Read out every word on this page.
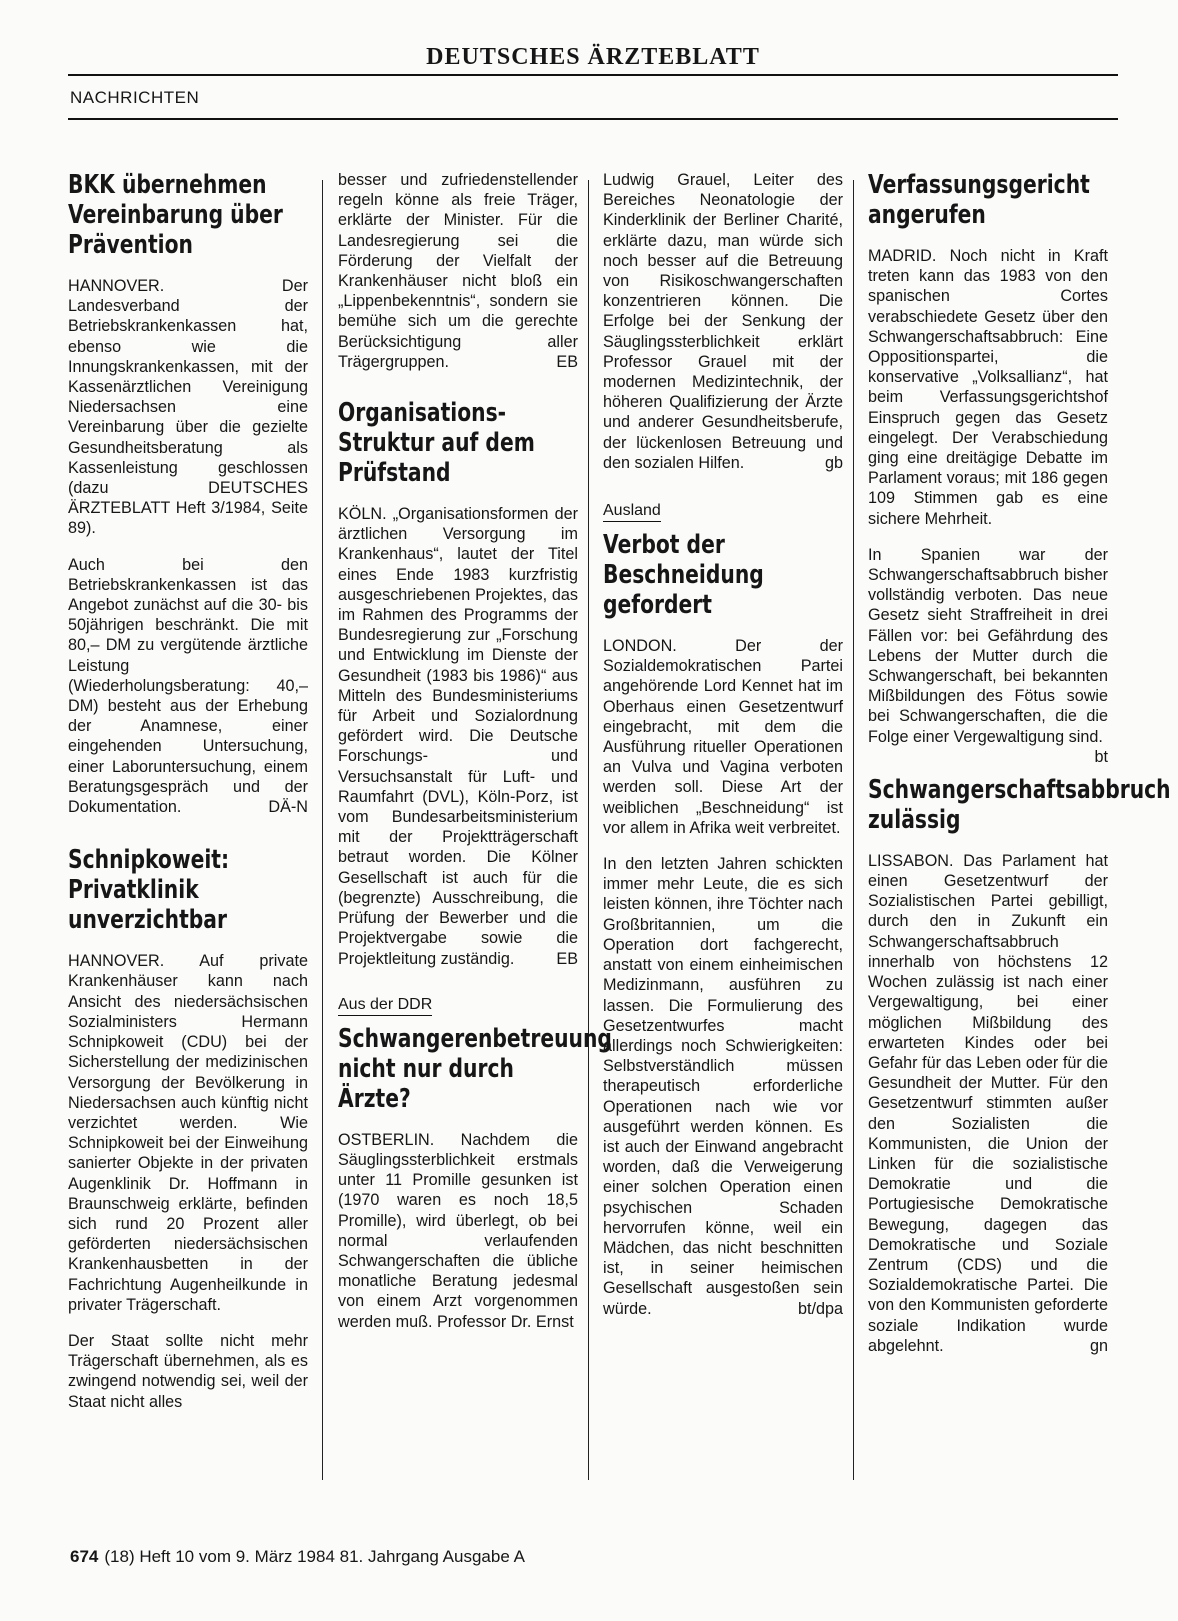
DEUTSCHES ÄRZTEBLATT
NACHRICHTEN
BKK übernehmen Vereinbarung über Prävention

HANNOVER. Der Landesverband der Betriebskrankenkassen hat, ebenso wie die Innungskrankenkassen, mit der Kassenärztlichen Vereinigung Niedersachsen eine Vereinbarung über die gezielte Gesundheitsberatung als Kassenleistung geschlossen (dazu DEUTSCHES ÄRZTEBLATT Heft 3/1984, Seite 89).

Auch bei den Betriebskrankenkassen ist das Angebot zunächst auf die 30- bis 50jährigen beschränkt. Die mit 80,– DM zu vergütende ärztliche Leistung (Wiederholungsberatung: 40,– DM) besteht aus der Erhebung der Anamnese, einer eingehenden Untersuchung, einer Laboruntersuchung, einem Beratungsgespräch und der Dokumentation.	DÄ-N

Schnipkoweit: Privatklinik unverzichtbar

HANNOVER. Auf private Krankenhäuser kann nach Ansicht des niedersächsischen Sozialministers Hermann Schnipkoweit (CDU) bei der Sicherstellung der medizinischen Versorgung der Bevölkerung in Niedersachsen auch künftig nicht verzichtet werden. Wie Schnipkoweit bei der Einweihung sanierter Objekte in der privaten Augenklinik Dr. Hoffmann in Braunschweig erklärte, befinden sich rund 20 Prozent aller geförderten niedersächsischen Krankenhausbetten in der Fachrichtung Augenheilkunde in privater Trägerschaft.

Der Staat sollte nicht mehr Trägerschaft übernehmen, als es zwingend notwendig sei, weil der Staat nicht alles

besser und zufriedenstellender regeln könne als freie Träger, erklärte der Minister. Für die Landesregierung sei die Förderung der Vielfalt der Krankenhäuser nicht bloß ein „Lippenbekenntnis“, sondern sie bemühe sich um die gerechte Berücksichtigung aller Trägergruppen.	EB

Organisations-Struktur auf dem Prüfstand

KÖLN. „Organisationsformen der ärztlichen Versorgung im Krankenhaus“, lautet der Titel eines Ende 1983 kurzfristig ausgeschriebenen Projektes, das im Rahmen des Programms der Bundesregierung zur „Forschung und Entwicklung im Dienste der Gesundheit (1983 bis 1986)“ aus Mitteln des Bundesministeriums für Arbeit und Sozialordnung gefördert wird. Die Deutsche Forschungs- und Versuchsanstalt für Luft- und Raumfahrt (DVL), Köln-Porz, ist vom Bundesarbeitsministerium mit der Projektträgerschaft betraut worden. Die Kölner Gesellschaft ist auch für die (begrenzte) Ausschreibung, die Prüfung der Bewerber und die Projektvergabe sowie die Projektleitung zuständig.	EB

Aus der DDR
Schwangerenbetreuung nicht nur durch Ärzte?

OSTBERLIN. Nachdem die Säuglingssterblichkeit erstmals unter 11 Promille gesunken ist (1970 waren es noch 18,5 Promille), wird überlegt, ob bei normal verlaufenden Schwangerschaften die übliche monatliche Beratung jedesmal von einem Arzt vorgenommen werden muß. Professor Dr. Ernst

Ludwig Grauel, Leiter des Bereiches Neonatologie der Kinderklinik der Berliner Charité, erklärte dazu, man würde sich noch besser auf die Betreuung von Risikoschwangerschaften konzentrieren können. Die Erfolge bei der Senkung der Säuglingssterblichkeit erklärt Professor Grauel mit der modernen Medizintechnik, der höheren Qualifizierung der Ärzte und anderer Gesundheitsberufe, der lückenlosen Betreuung und den sozialen Hilfen.	gb

Ausland
Verbot der Beschneidung gefordert

LONDON. Der der Sozialdemokratischen Partei angehörende Lord Kennet hat im Oberhaus einen Gesetzentwurf eingebracht, mit dem die Ausführung ritueller Operationen an Vulva und Vagina verboten werden soll. Diese Art der weiblichen „Beschneidung“ ist vor allem in Afrika weit verbreitet.

In den letzten Jahren schickten immer mehr Leute, die es sich leisten können, ihre Töchter nach Großbritannien, um die Operation dort fachgerecht, anstatt von einem einheimischen Medizinmann, ausführen zu lassen. Die Formulierung des Gesetzentwurfes macht allerdings noch Schwierigkeiten: Selbstverständlich müssen therapeutisch erforderliche Operationen nach wie vor ausgeführt werden können. Es ist auch der Einwand angebracht worden, daß die Verweigerung einer solchen Operation einen psychischen Schaden hervorrufen könne, weil ein Mädchen, das nicht beschnitten ist, in seiner heimischen Gesellschaft ausgestoßen sein würde.	bt/dpa

Verfassungsgericht angerufen

MADRID. Noch nicht in Kraft treten kann das 1983 von den spanischen Cortes verabschiedete Gesetz über den Schwangerschaftsabbruch: Eine Oppositionspartei, die konservative „Volksallianz“, hat beim Verfassungsgerichtshof Einspruch gegen das Gesetz eingelegt. Der Verabschiedung ging eine dreitägige Debatte im Parlament voraus; mit 186 gegen 109 Stimmen gab es eine sichere Mehrheit.

In Spanien war der Schwangerschaftsabbruch bisher vollständig verboten. Das neue Gesetz sieht Straffreiheit in drei Fällen vor: bei Gefährdung des Lebens der Mutter durch die Schwangerschaft, bei bekannten Mißbildungen des Fötus sowie bei Schwangerschaften, die die Folge einer Vergewaltigung sind.
bt

Schwangerschaftsabbruch zulässig

LISSABON. Das Parlament hat einen Gesetzentwurf der Sozialistischen Partei gebilligt, durch den in Zukunft ein Schwangerschaftsabbruch innerhalb von höchstens 12 Wochen zulässig ist nach einer Vergewaltigung, bei einer möglichen Mißbildung des erwarteten Kindes oder bei Gefahr für das Leben oder für die Gesundheit der Mutter. Für den Gesetzentwurf stimmten außer den Sozialisten die Kommunisten, die Union der Linken für die sozialistische Demokratie und die Portugiesische Demokratische Bewegung, dagegen das Demokratische und Soziale Zentrum (CDS) und die Sozialdemokratische Partei. Die von den Kommunisten geforderte soziale Indikation wurde abgelehnt.	gn

674 (18) Heft 10 vom 9. März 1984 81. Jahrgang Ausgabe A
